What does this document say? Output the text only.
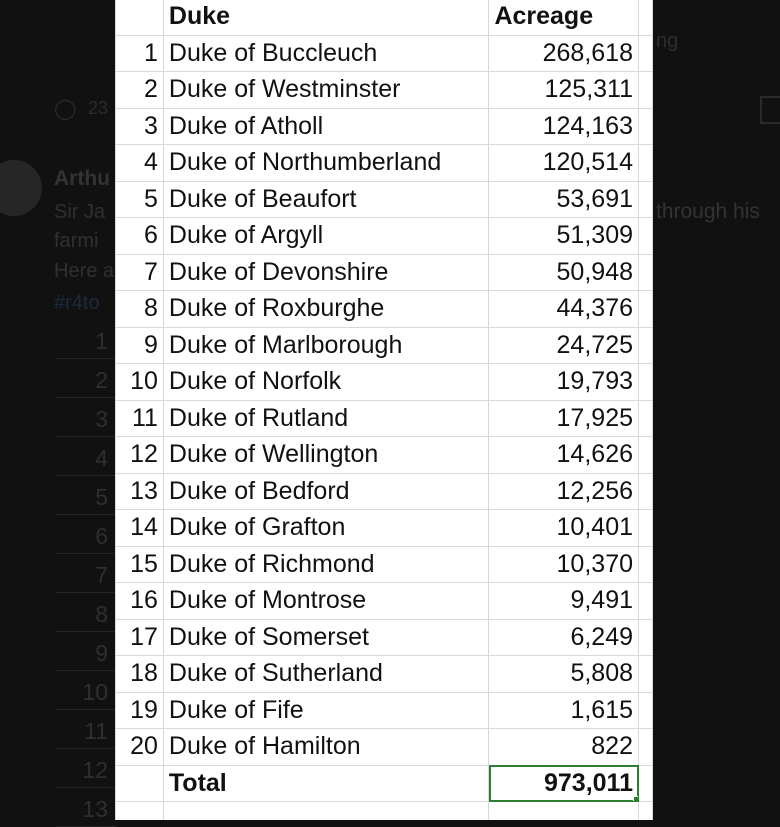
◯ 23
Arthu
Sir Ja
farmi
Here a
#r4to
ng
through his
1
2
3
4
5
6
7
8
9
10
11
12
13
	Duke	Acreage	
1	Duke of Buccleuch	268,618	
2	Duke of Westminster	125,311	
3	Duke of Atholl	124,163	
4	Duke of Northumberland	120,514	
5	Duke of Beaufort	53,691	
6	Duke of Argyll	51,309	
7	Duke of Devonshire	50,948	
8	Duke of Roxburghe	44,376	
9	Duke of Marlborough	24,725	
10	Duke of Norfolk	19,793	
11	Duke of Rutland	17,925	
12	Duke of Wellington	14,626	
13	Duke of Bedford	12,256	
14	Duke of Grafton	10,401	
15	Duke of Richmond	10,370	
16	Duke of Montrose	9,491	
17	Duke of Somerset	6,249	
18	Duke of Sutherland	5,808	
19	Duke of Fife	1,615	
20	Duke of Hamilton	822	
	Total	973,011
